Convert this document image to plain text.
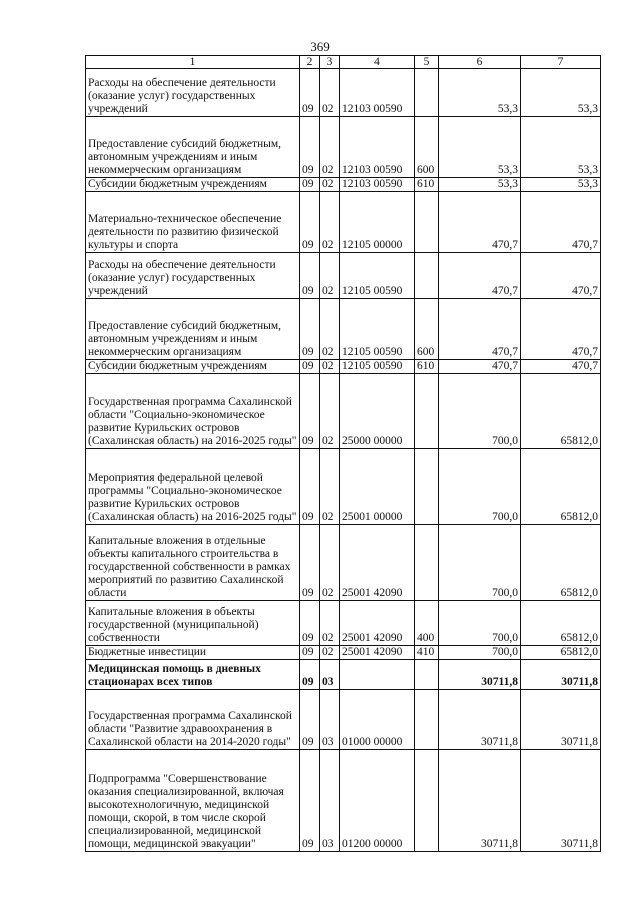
369
1	2	3	4	5	6	7
Расходы на обеспечение деятельности (оказание услуг) государственных учреждений	09	02	12103 00590		53,3	53,3
Предоставление субсидий бюджетным, автономным учреждениям и иным некоммерческим организациям	09	02	12103 00590	600	53,3	53,3
Субсидии бюджетным учреждениям	09	02	12103 00590	610	53,3	53,3
Материально-техническое обеспечение деятельности по развитию физической культуры и спорта	09	02	12105 00000		470,7	470,7
Расходы на обеспечение деятельности (оказание услуг) государственных учреждений	09	02	12105 00590		470,7	470,7
Предоставление субсидий бюджетным, автономным учреждениям и иным некоммерческим организациям	09	02	12105 00590	600	470,7	470,7
Субсидии бюджетным учреждениям	09	02	12105 00590	610	470,7	470,7
Государственная программа Сахалинской области "Социально-экономическое развитие Курильских островов (Сахалинская область) на 2016-2025 годы"	09	02	25000 00000		700,0	65812,0
Мероприятия федеральной целевой программы "Социально-экономическое развитие Курильских островов (Сахалинская область) на 2016-2025 годы"	09	02	25001 00000		700,0	65812,0
Капитальные вложения в отдельные объекты капитального строительства в государственной собственности в рамках мероприятий по развитию Сахалинской области	09	02	25001 42090		700,0	65812,0
Капитальные вложения в объекты государственной (муниципальной) собственности	09	02	25001 42090	400	700,0	65812,0
Бюджетные инвестиции	09	02	25001 42090	410	700,0	65812,0
Медицинская помощь в дневных стационарах всех типов	09	03			30711,8	30711,8
Государственная программа Сахалинской области "Развитие здравоохранения в Сахалинской области на 2014-2020 годы"	09	03	01000 00000		30711,8	30711,8
Подпрограмма "Совершенствование оказания специализированной, включая высокотехнологичную, медицинской помощи, скорой, в том числе скорой специализированной, медицинской помощи, медицинской эвакуации"	09	03	01200 00000		30711,8	30711,8
